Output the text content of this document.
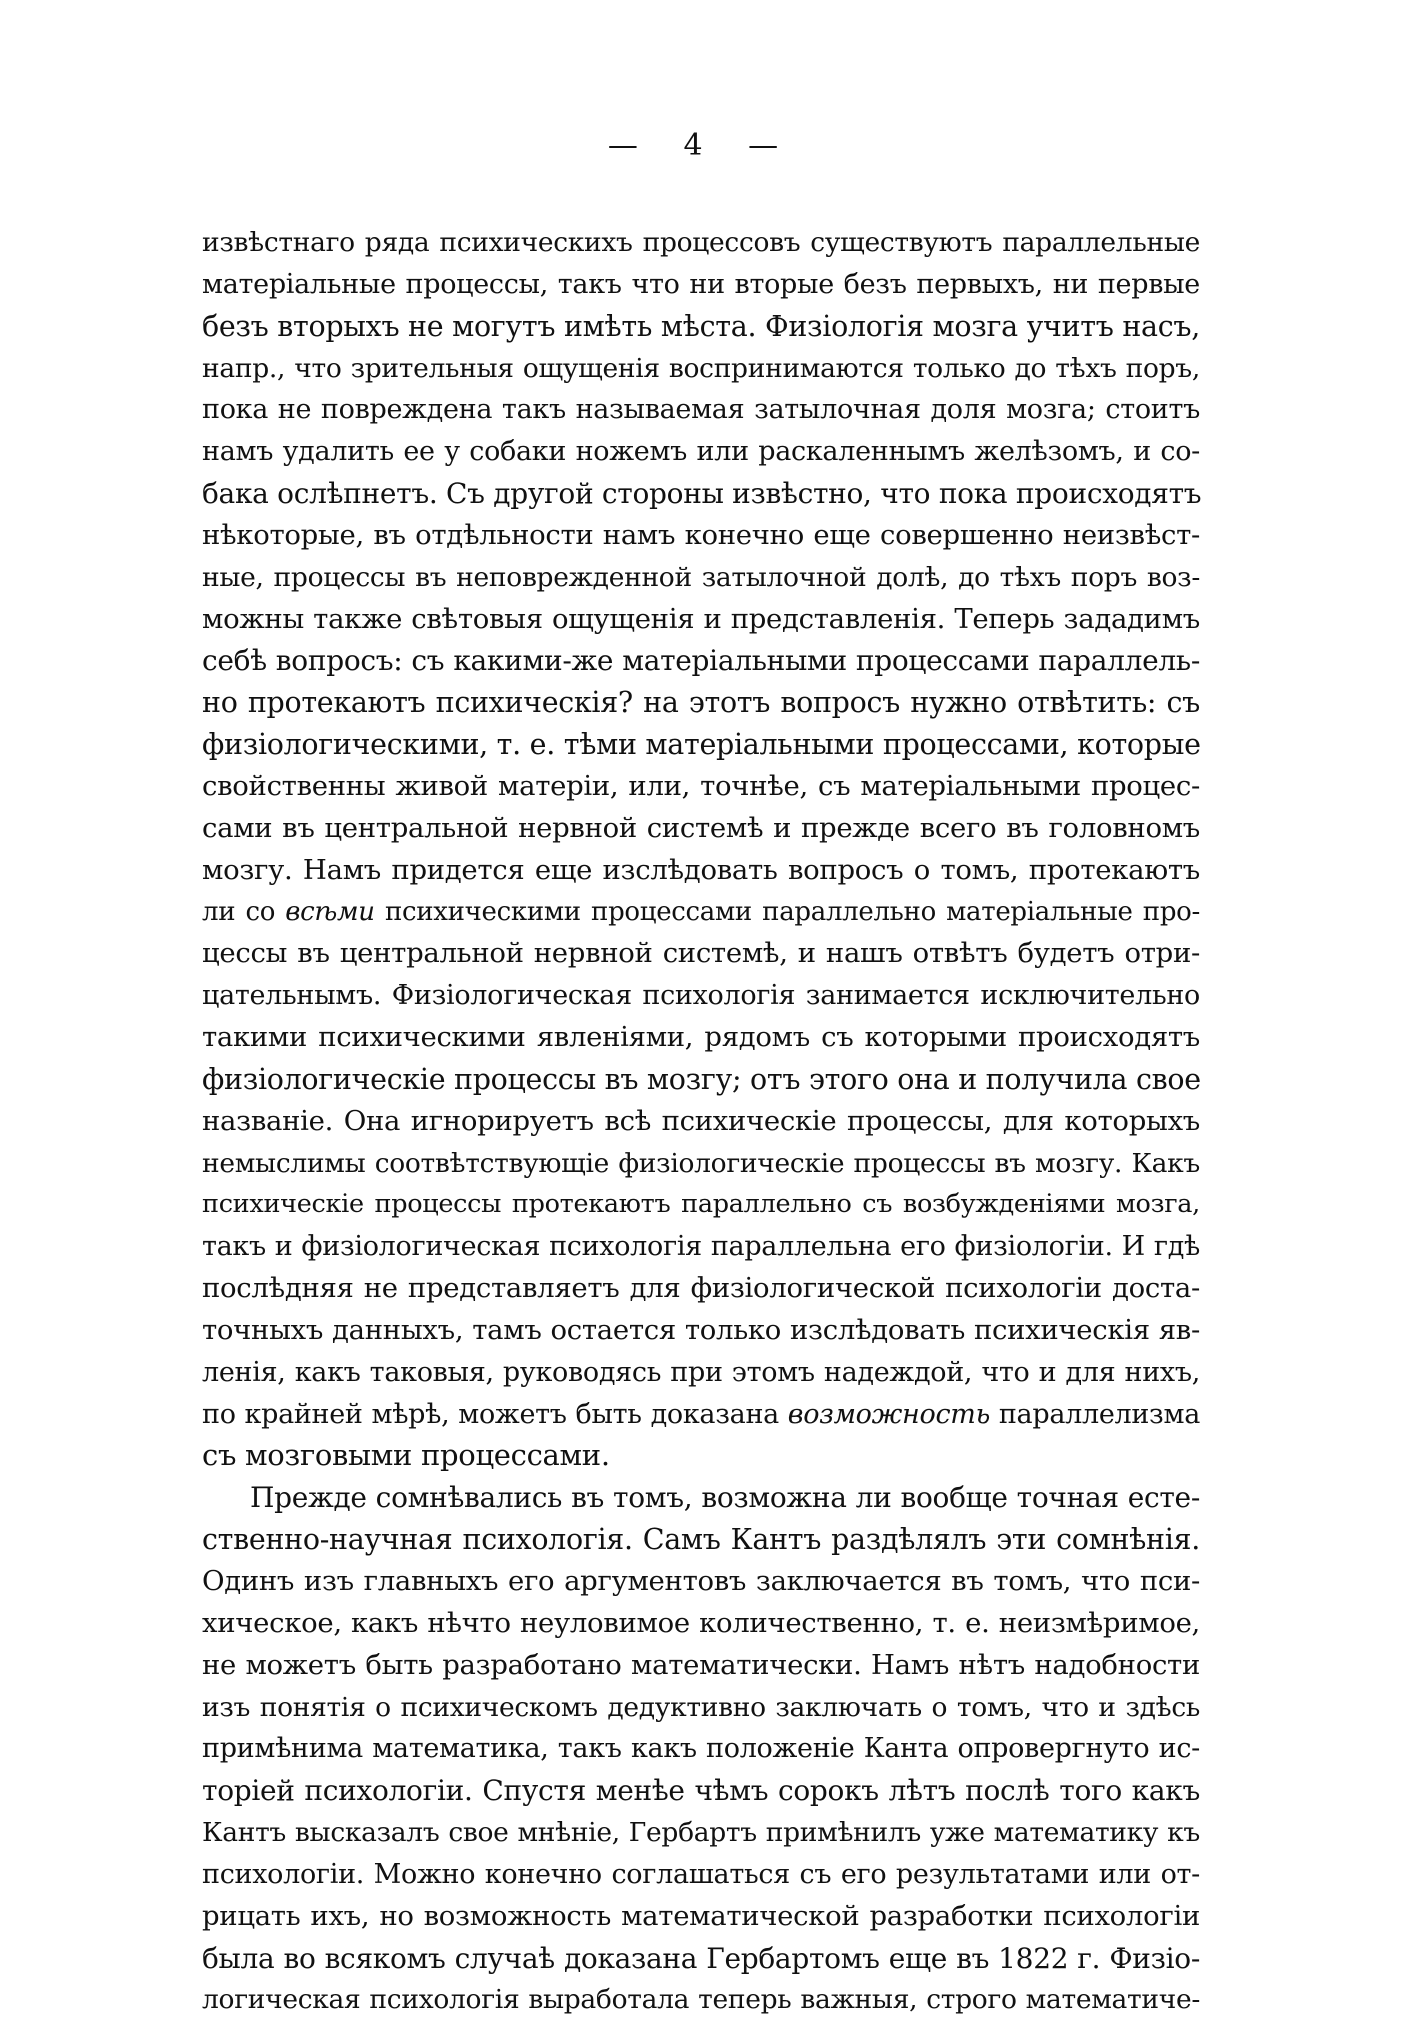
— 4 —
извѣстнаго ряда психическихъ процессовъ существуютъ параллельные
матеріальные процессы, такъ что ни вторые безъ первыхъ, ни первые
безъ вторыхъ не могутъ имѣть мѣста. Физіологія мозга учитъ насъ,
напр., что зрительныя ощущенія воспринимаются только до тѣхъ поръ,
пока не повреждена такъ называемая затылочная доля мозга; стоитъ
намъ удалить ее у собаки ножемъ или раскаленнымъ желѣзомъ, и со-
бака ослѣпнетъ. Съ другой стороны извѣстно, что пока происходятъ
нѣкоторые, въ отдѣльности намъ конечно еще совершенно неизвѣст-
ные, процессы въ неповрежденной затылочной долѣ, до тѣхъ поръ воз-
можны также свѣтовыя ощущенія и представленія. Теперь зададимъ
себѣ вопросъ: съ какими-же матеріальными процессами параллель-
но протекаютъ психическія? на этотъ вопросъ нужно отвѣтить: съ
физіологическими, т. е. тѣми матеріальными процессами, которые
свойственны живой матеріи, или, точнѣе, съ матеріальными процес-
сами въ центральной нервной системѣ и прежде всего въ головномъ
мозгу. Намъ придется еще изслѣдовать вопросъ о томъ, протекаютъ
ли со всѣми психическими процессами параллельно матеріальные про-
цессы въ центральной нервной системѣ, и нашъ отвѣтъ будетъ отри-
цательнымъ. Физіологическая психологія занимается исключительно
такими психическими явленіями, рядомъ съ которыми происходятъ
физіологическіе процессы въ мозгу; отъ этого она и получила свое
названіе. Она игнорируетъ всѣ психическіе процессы, для которыхъ
немыслимы соотвѣтствующіе физіологическіе процессы въ мозгу. Какъ
психическіе процессы протекаютъ параллельно съ возбужденіями мозга,
такъ и физіологическая психологія параллельна его физіологіи. И гдѣ
послѣдняя не представляетъ для физіологической психологіи доста-
точныхъ данныхъ, тамъ остается только изслѣдовать психическія яв-
ленія, какъ таковыя, руководясь при этомъ надеждой, что и для нихъ,
по крайней мѣрѣ, можетъ быть доказана возможность параллелизма
съ мозговыми процессами.
Прежде сомнѣвались въ томъ, возможна ли вообще точная есте-
ственно-научная психологія. Самъ Кантъ раздѣлялъ эти сомнѣнія.
Одинъ изъ главныхъ его аргументовъ заключается въ томъ, что пси-
хическое, какъ нѣчто неуловимое количественно, т. е. неизмѣримое,
не можетъ быть разработано математически. Намъ нѣтъ надобности
изъ понятія о психическомъ дедуктивно заключать о томъ, что и здѣсь
примѣнима математика, такъ какъ положеніе Канта опровергнуто ис-
торіей психологіи. Спустя менѣе чѣмъ сорокъ лѣтъ послѣ того какъ
Кантъ высказалъ свое мнѣніе, Гербартъ примѣнилъ уже математику къ
психологіи. Можно конечно соглашаться съ его результатами или от-
рицать ихъ, но возможность математической разработки психологіи
была во всякомъ случаѣ доказана Гербартомъ еще въ 1822 г. Физіо-
логическая психологія выработала теперь важныя, строго математиче-
